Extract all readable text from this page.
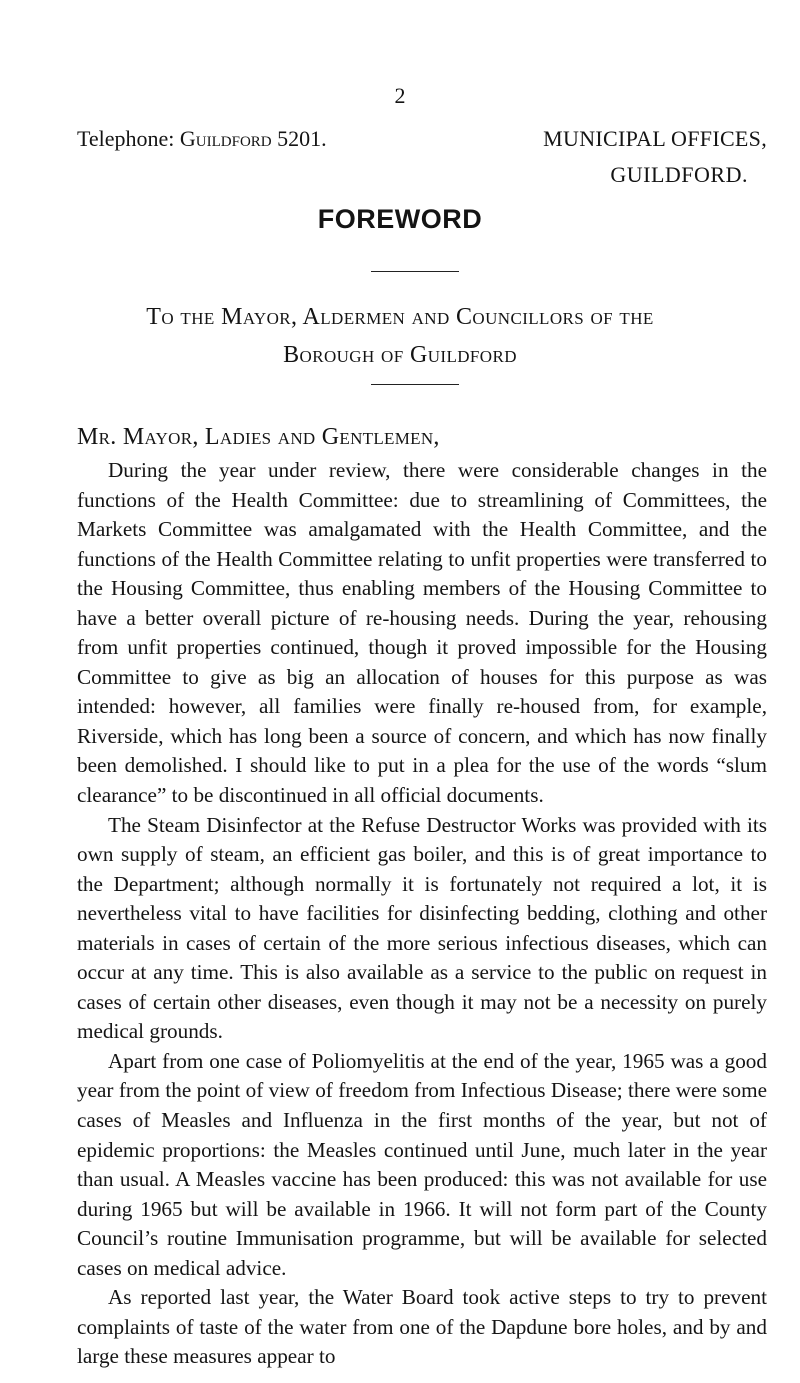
2
Telephone: Guildford 5201.	MUNICIPAL OFFICES,
GUILDFORD.
FOREWORD
To the Mayor, Aldermen and Councillors of the
Borough of Guildford
Mr. Mayor, Ladies and Gentlemen,

During the year under review, there were considerable changes in the functions of the Health Committee: due to streamlining of Committees, the Markets Committee was amalgamated with the Health Committee, and the functions of the Health Committee relating to unfit properties were transferred to the Housing Committee, thus enabling members of the Housing Committee to have a better overall picture of re-housing needs. During the year, rehousing from unfit properties continued, though it proved impossible for the Housing Committee to give as big an allocation of houses for this purpose as was intended: however, all families were finally re-housed from, for example, Riverside, which has long been a source of concern, and which has now finally been demolished. I should like to put in a plea for the use of the words “slum clearance” to be discontinued in all official documents.

The Steam Disinfector at the Refuse Destructor Works was provided with its own supply of steam, an efficient gas boiler, and this is of great importance to the Department; although normally it is fortunately not required a lot, it is nevertheless vital to have facilities for disinfecting bedding, clothing and other materials in cases of certain of the more serious infectious diseases, which can occur at any time. This is also available as a service to the public on request in cases of certain other diseases, even though it may not be a necessity on purely medical grounds.

Apart from one case of Poliomyelitis at the end of the year, 1965 was a good year from the point of view of freedom from Infectious Disease; there were some cases of Measles and Influenza in the first months of the year, but not of epidemic proportions: the Measles continued until June, much later in the year than usual. A Measles vaccine has been produced: this was not available for use during 1965 but will be available in 1966. It will not form part of the County Council’s routine Immunisation programme, but will be available for selected cases on medical advice.

As reported last year, the Water Board took active steps to try to prevent complaints of taste of the water from one of the Dapdune bore holes, and by and large these measures appear to
